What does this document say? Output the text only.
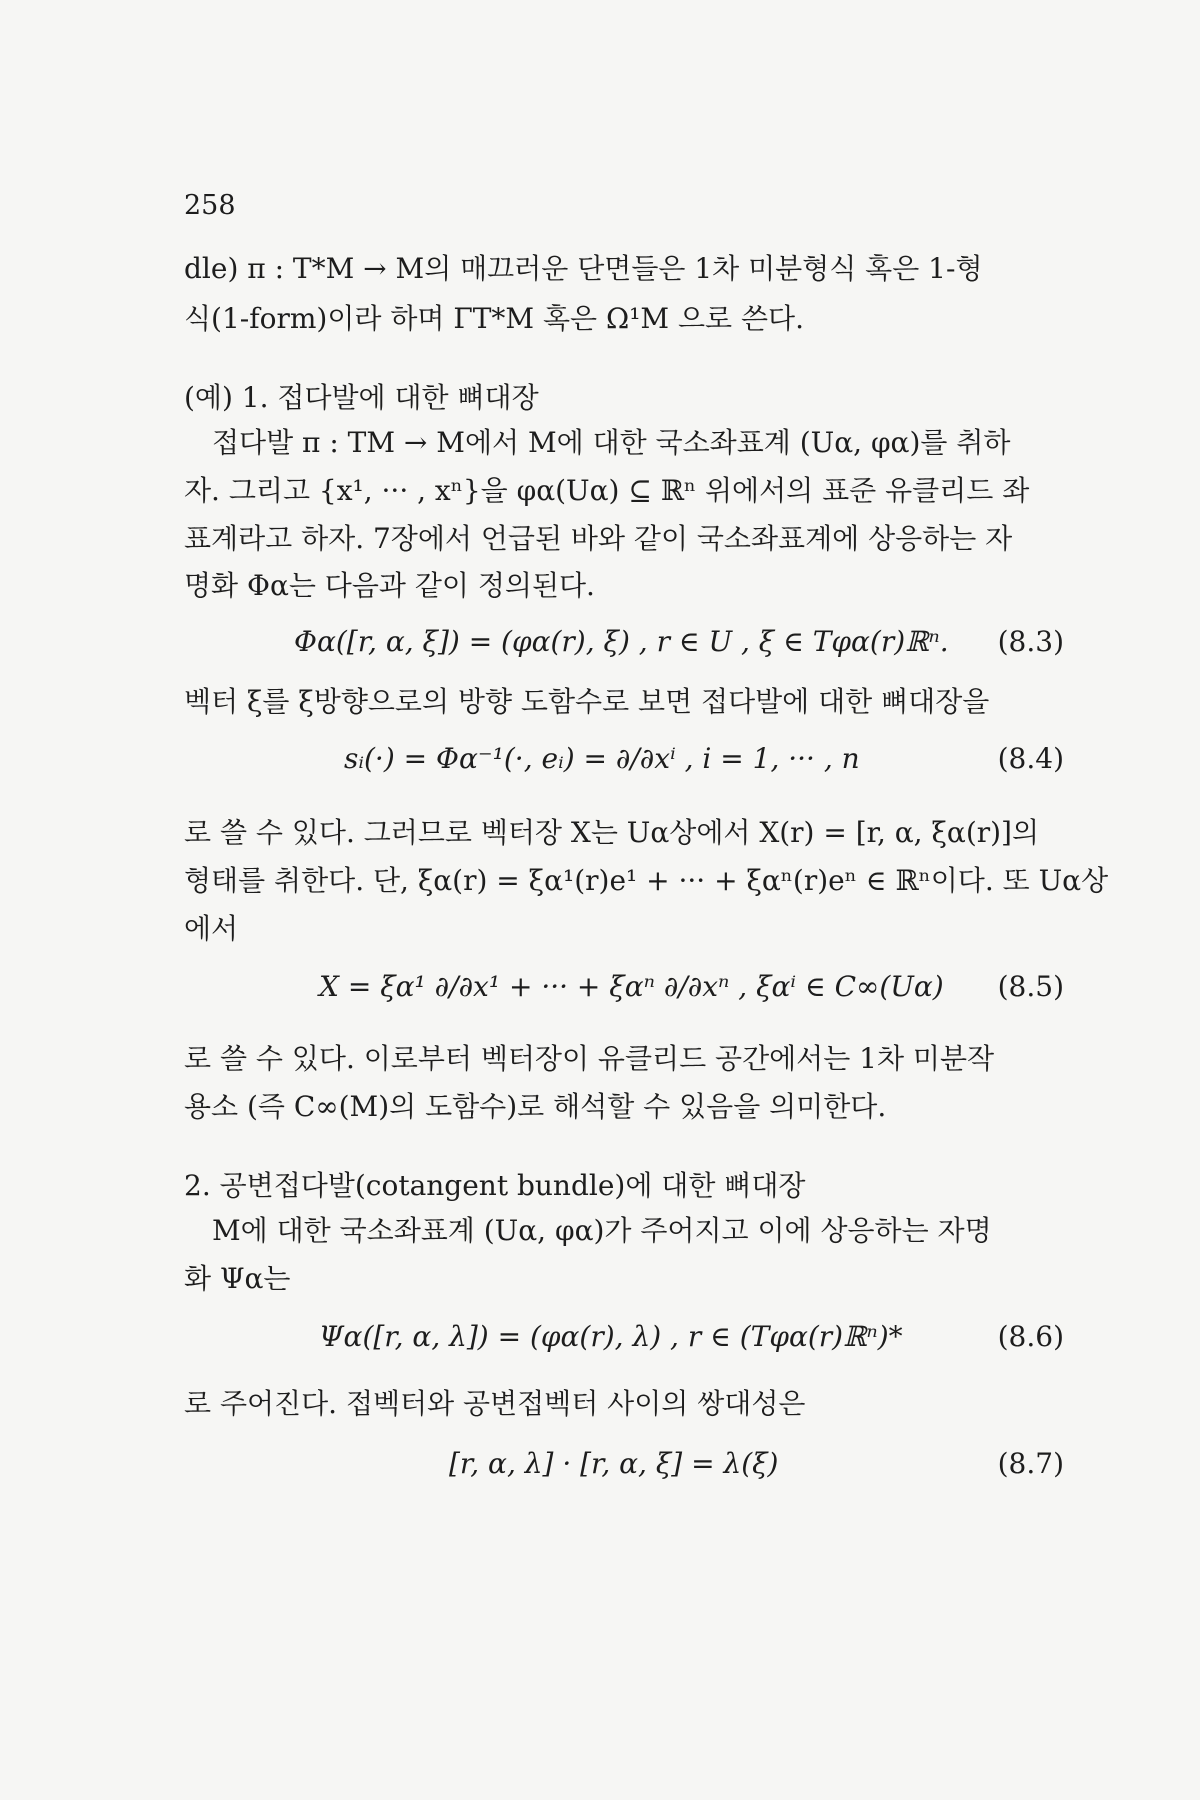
258
dle) π : T*M → M의 매끄러운 단면들은 1차 미분형식 혹은 1-형
식(1-form)이라 하며 ΓT*M 혹은 Ω¹M 으로 쓴다.
(예) 1. 접다발에 대한 뼈대장
접다발 π : TM → M에서 M에 대한 국소좌표계 (Uα, φα)를 취하
자. 그리고 {x¹, ··· , xⁿ}을 φα(Uα) ⊆ ℝⁿ 위에서의 표준 유클리드 좌
표계라고 하자. 7장에서 언급된 바와 같이 국소좌표계에 상응하는 자
명화 Φα는 다음과 같이 정의된다.
Φα([r, α, ξ]) = (φα(r), ξ) , r ∈ U , ξ ∈ Tφα(r)ℝⁿ. (8.3)
벡터 ξ를 ξ방향으로의 방향 도함수로 보면 접다발에 대한 뼈대장을
sᵢ(·) = Φα⁻¹(·, eᵢ) = ∂/∂xⁱ , i = 1, ··· , n	(8.4)
로 쓸 수 있다. 그러므로 벡터장 X는 Uα상에서 X(r) = [r, α, ξα(r)]의
형태를 취한다. 단, ξα(r) = ξα¹(r)e¹ + ··· + ξαⁿ(r)eⁿ ∈ ℝⁿ이다. 또 Uα상
에서
X = ξα¹ ∂/∂x¹ + ··· + ξαⁿ ∂/∂xⁿ , ξαⁱ ∈ C∞(Uα) (8.5)
로 쓸 수 있다. 이로부터 벡터장이 유클리드 공간에서는 1차 미분작
용소 (즉 C∞(M)의 도함수)로 해석할 수 있음을 의미한다.
2. 공변접다발(cotangent bundle)에 대한 뼈대장
M에 대한 국소좌표계 (Uα, φα)가 주어지고 이에 상응하는 자명
화 Ψα는
Ψα([r, α, λ]) = (φα(r), λ) , r ∈ (Tφα(r)ℝⁿ)*	(8.6)
로 주어진다. 접벡터와 공변접벡터 사이의 쌍대성은
[r, α, λ] · [r, α, ξ] = λ(ξ)	(8.7)
